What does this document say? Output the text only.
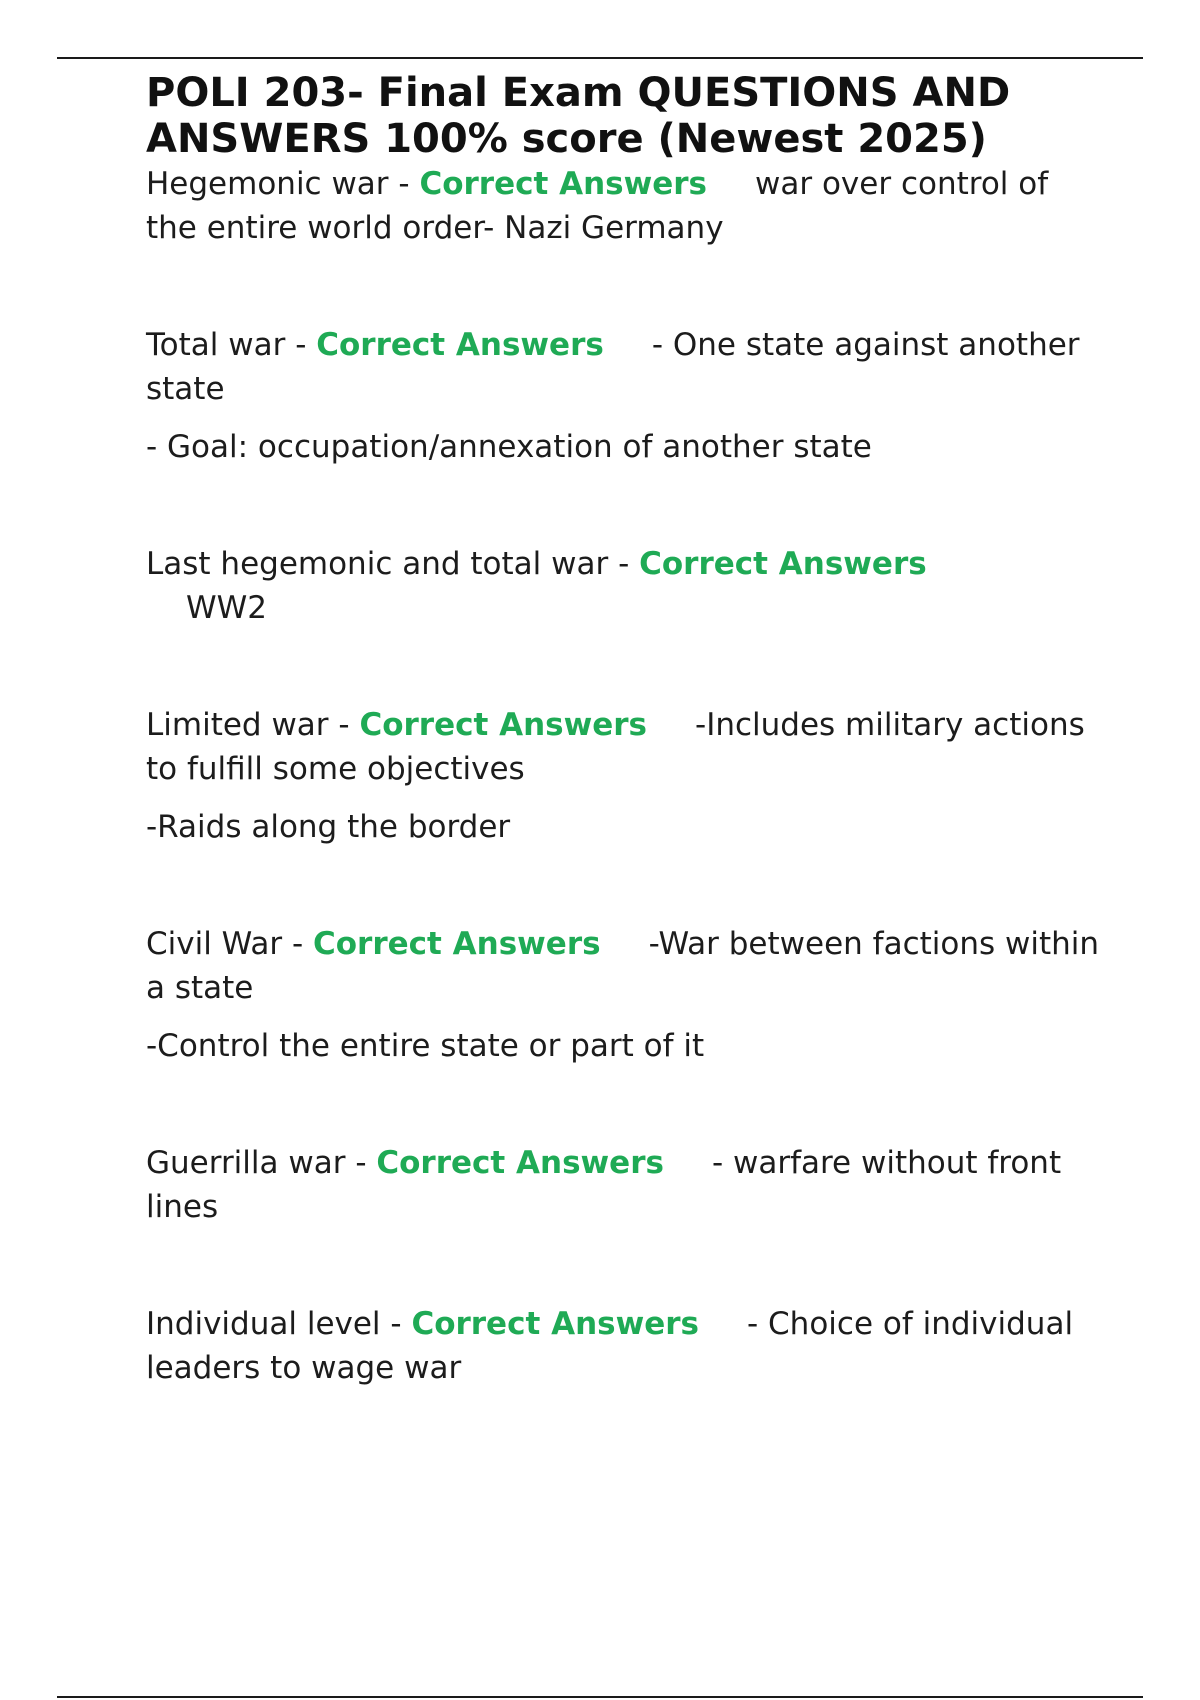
POLI 203- Final Exam QUESTIONS AND ANSWERS 100% score (Newest 2025)

Hegemonic war - Correct Answers war over control of the entire world order- Nazi Germany

Total war - Correct Answers - One state against another state

- Goal: occupation/annexation of another state

Last hegemonic and total war - Correct Answers

WW2

Limited war - Correct Answers -Includes military actions to fulfill some objectives

-Raids along the border

Civil War - Correct Answers -War between factions within a state

-Control the entire state or part of it

Guerrilla war - Correct Answers - warfare without front lines

Individual level - Correct Answers - Choice of individual leaders to wage war
